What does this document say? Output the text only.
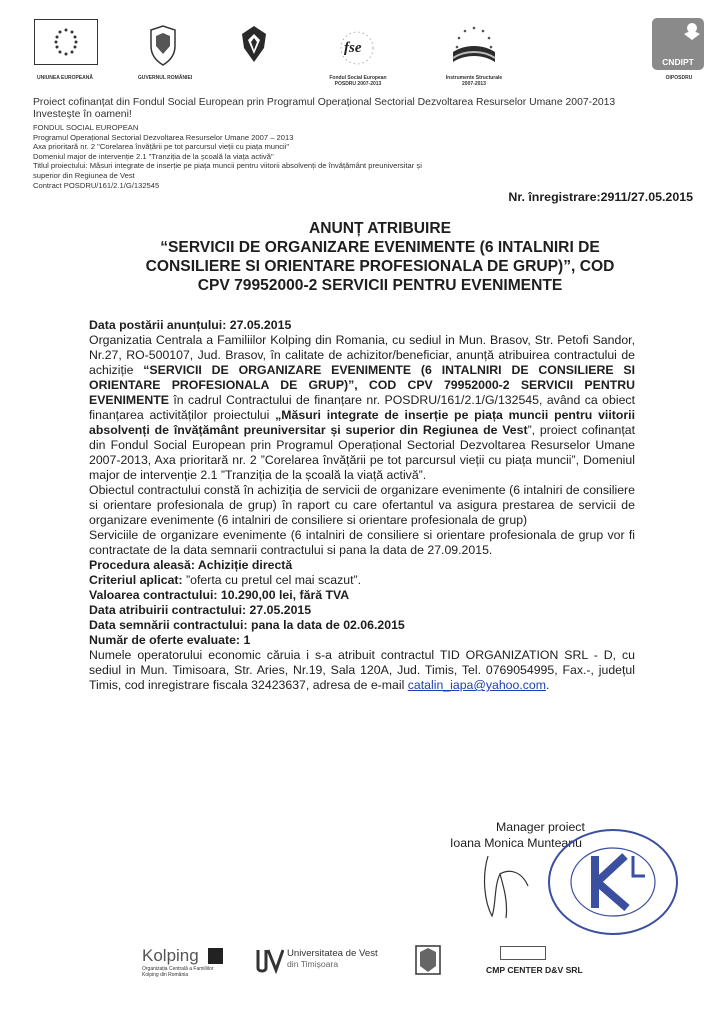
UNIUNEA EUROPEANĂ	GUVERNUL ROMÂNIEI
fse
Fondul Social European
POSDRU 2007-2013
Instrumente Structurale
2007-2013
CNDIPT
OIPOSDRU
Proiect cofinanțat din Fondul Social European prin Programul Operațional Sectorial Dezvoltarea Resurselor Umane 2007-2013
Investește în oameni!
FONDUL SOCIAL EUROPEAN
Programul Operațional Sectorial Dezvoltarea Resurselor Umane 2007 – 2013
Axa prioritară nr. 2 "Corelarea învățării pe tot parcursul vieții cu piața muncii"
Domeniul major de intervenție 2.1 "Tranziția de la școală la viața activă"
Titlul proiectului: Măsuri integrate de inserție pe piața muncii pentru viitorii absolvenți de învățământ preuniversitar și
superior din Regiunea de Vest
Contract POSDRU/161/2.1/G/132545
Nr. înregistrare:2911/27.05.2015
ANUNȚ ATRIBUIRE
“SERVICII DE ORGANIZARE EVENIMENTE (6 INTALNIRI DE
CONSILIERE SI ORIENTARE PROFESIONALA DE GRUP)”, COD
CPV 79952000-2 SERVICII PENTRU EVENIMENTE
Data postării anunțului: 27.05.2015
Organizatia Centrala a Familiilor Kolping din Romania, cu sediul in Mun. Brasov, Str. Petofi Sandor, Nr.27, RO-500107, Jud. Brasov, în calitate de achizitor/beneficiar, anunță atribuirea contractului de achiziție “SERVICII DE ORGANIZARE EVENIMENTE (6 INTALNIRI DE CONSILIERE SI ORIENTARE PROFESIONALA DE GRUP)”, COD CPV 79952000-2 SERVICII PENTRU EVENIMENTE în cadrul Contractului de finanțare nr. POSDRU/161/2.1/G/132545, având ca obiect finanțarea activităților proiectului „Măsuri integrate de inserție pe piața muncii pentru viitorii absolvenți de învățământ preuniversitar și superior din Regiunea de Vest”, proiect cofinanțat din Fondul Social European prin Programul Operațional Sectorial Dezvoltarea Resurselor Umane 2007-2013, Axa prioritară nr. 2 ”Corelarea învățării pe tot parcursul vieții cu piața muncii”, Domeniul major de intervenție 2.1 ”Tranziția de la școală la viață activă”.
Obiectul contractului constă în achiziția de servicii de organizare evenimente (6 intalniri de consiliere si orientare profesionala de grup) în raport cu care ofertantul va asigura prestarea de servicii de organizare evenimente (6 intalniri de consiliere si orientare profesionala de grup)
Serviciile de organizare evenimente (6 intalniri de consiliere si orientare profesionala de grup vor fi contractate de la data semnarii contractului si pana la data de 27.09.2015.
Procedura aleasă: Achiziție directă
Criteriul aplicat: ”oferta cu pretul cel mai scazut”.
Valoarea contractului: 10.290,00 lei, fără TVA
Data atribuirii contractului: 27.05.2015
Data semnării contractului: pana la data de 02.06.2015
Număr de oferte evaluate: 1
Numele operatorului economic căruia i s-a atribuit contractul TID ORGANIZATION SRL - D, cu sediul in Mun. Timisoara, Str. Aries, Nr.19, Sala 120A, Jud. Timis, Tel. 0769054995, Fax.-, județul Timis, cod inregistrare fiscala 32423637, adresa de e-mail catalin_iapa@yahoo.com.
Manager proiect
Ioana Monica Munteanu
Kolping
Organizația Centrală a Familiilor
Kolping din România
Universitatea de Vest
din Timișoara
CMP CENTER D&V SRL
